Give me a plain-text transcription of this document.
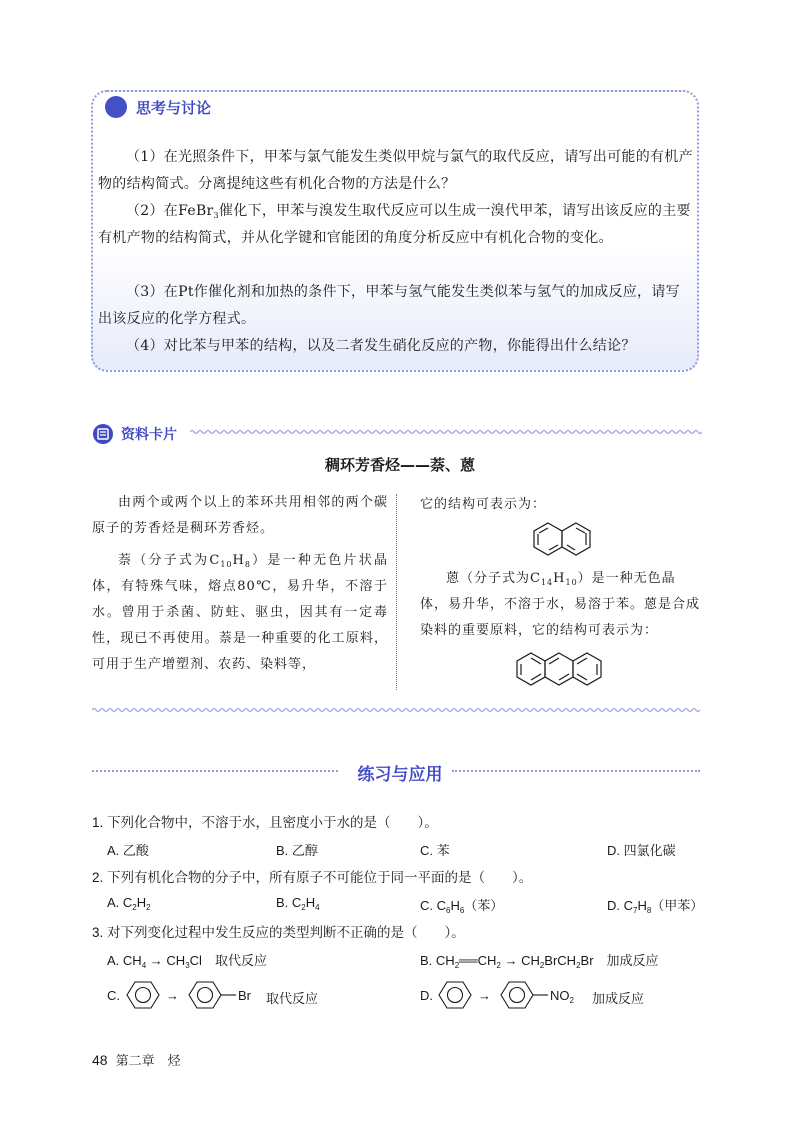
思考与讨论
（1）在光照条件下，甲苯与氯气能发生类似甲烷与氯气的取代反应，请写出可能的有机产物的结构简式。分离提纯这些有机化合物的方法是什么？
（2）在FeBr$_3$催化下，甲苯与溴发生取代反应可以生成一溴代甲苯，请写出该反应的主要有机产物的结构简式，并从化学键和官能团的角度分析反应中有机化合物的变化。
（3）在Pt作催化剂和加热的条件下，甲苯与氢气能发生类似苯与氢气的加成反应，请写出该反应的化学方程式。
（4）对比苯与甲苯的结构，以及二者发生硝化反应的产物，你能得出什么结论？
资料卡片
稠环芳香烃——萘、蒽
由两个或两个以上的苯环共用相邻的两个碳原子的芳香烃是稠环芳香烃。
萘（分子式为$C_{10}H_8$）是一种无色片状晶体，有特殊气味，熔点80℃，易升华，不溶于水。曾用于杀菌、防蛀、驱虫，因其有一定毒性，现已不再使用。萘是一种重要的化工原料，可用于生产增塑剂、农药、染料等，
它的结构可表示为：
蒽（分子式为$C_{14}H_{10}$）是一种无色晶体，易升华，不溶于水，易溶于苯。蒽是合成染料的重要原料，它的结构可表示为：
练习与应用
1. 下列化合物中，不溶于水，且密度小于水的是（　　）。
A. 乙酸	B. 乙醇	C. 苯	D. 四氯化碳
2. 下列有机化合物的分子中，所有原子不可能位于同一平面的是（　　）。
A. $C_2H_2$	B. $C_2H_4$	C. $C_6H_6$（苯）	D. $C_7H_8$（甲苯）
3. 对下列变化过程中发生反应的类型判断不正确的是（　　）。
A. $CH_4 \to CH_3Cl$　 取代反应	B. $CH_2══CH_2$ → $CH_2BrCH_2Br$　 加成反应
C.	→	Br 取代反应	D.	→	$NO_2$ 加成反应
48 第二章　烃
